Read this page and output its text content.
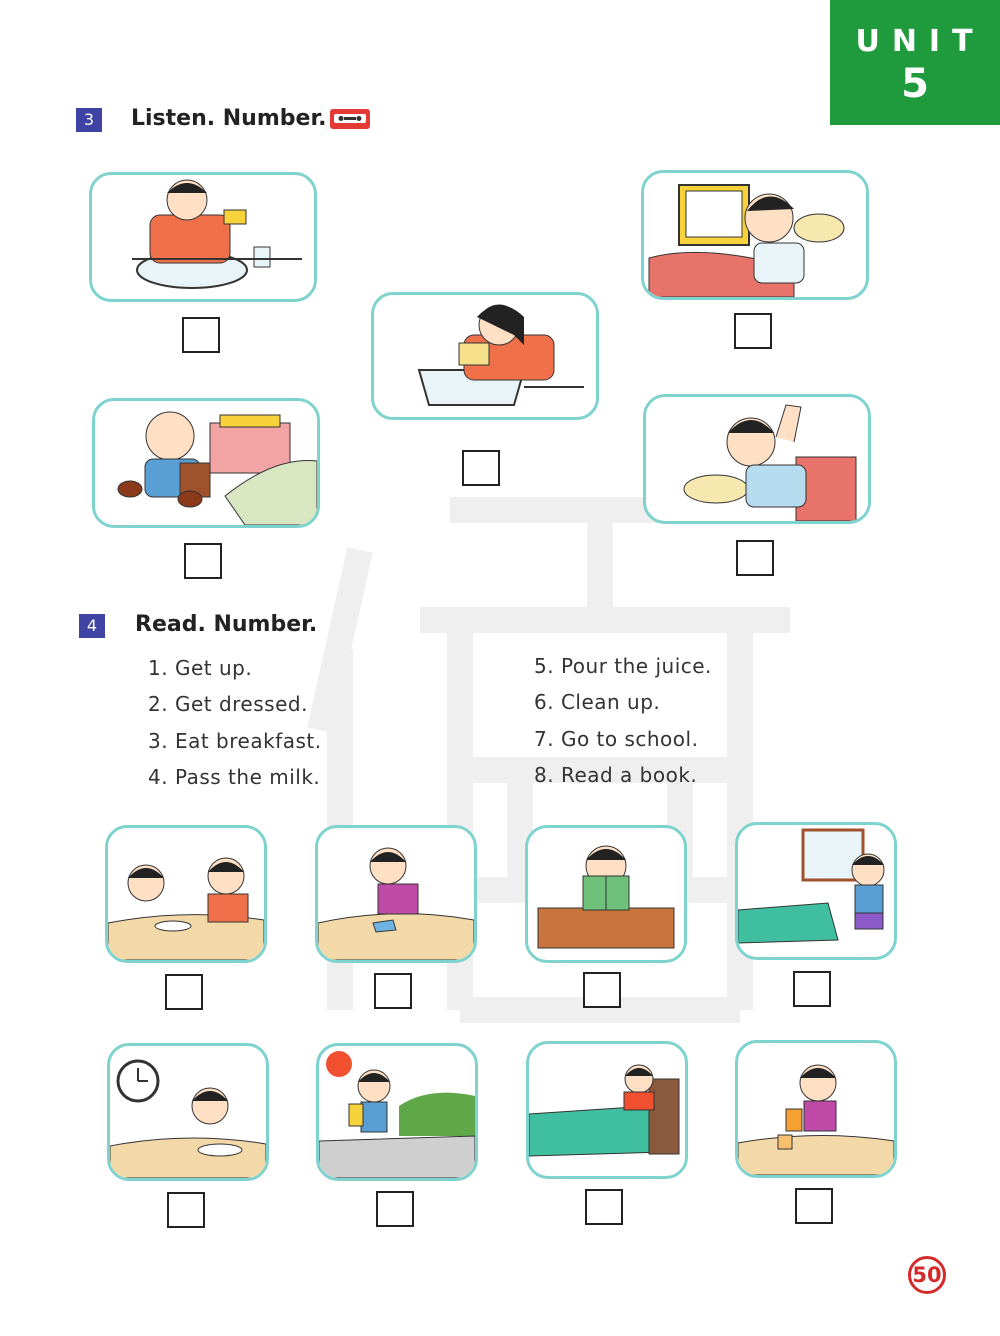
UNIT
5
3	Listen. Number.
4	Read. Number.
1. Get up.
2. Get dressed.
3. Eat breakfast.
4. Pass the milk.
5. Pour the juice.
6. Clean up.
7. Go to school.
8. Read a book.
50
